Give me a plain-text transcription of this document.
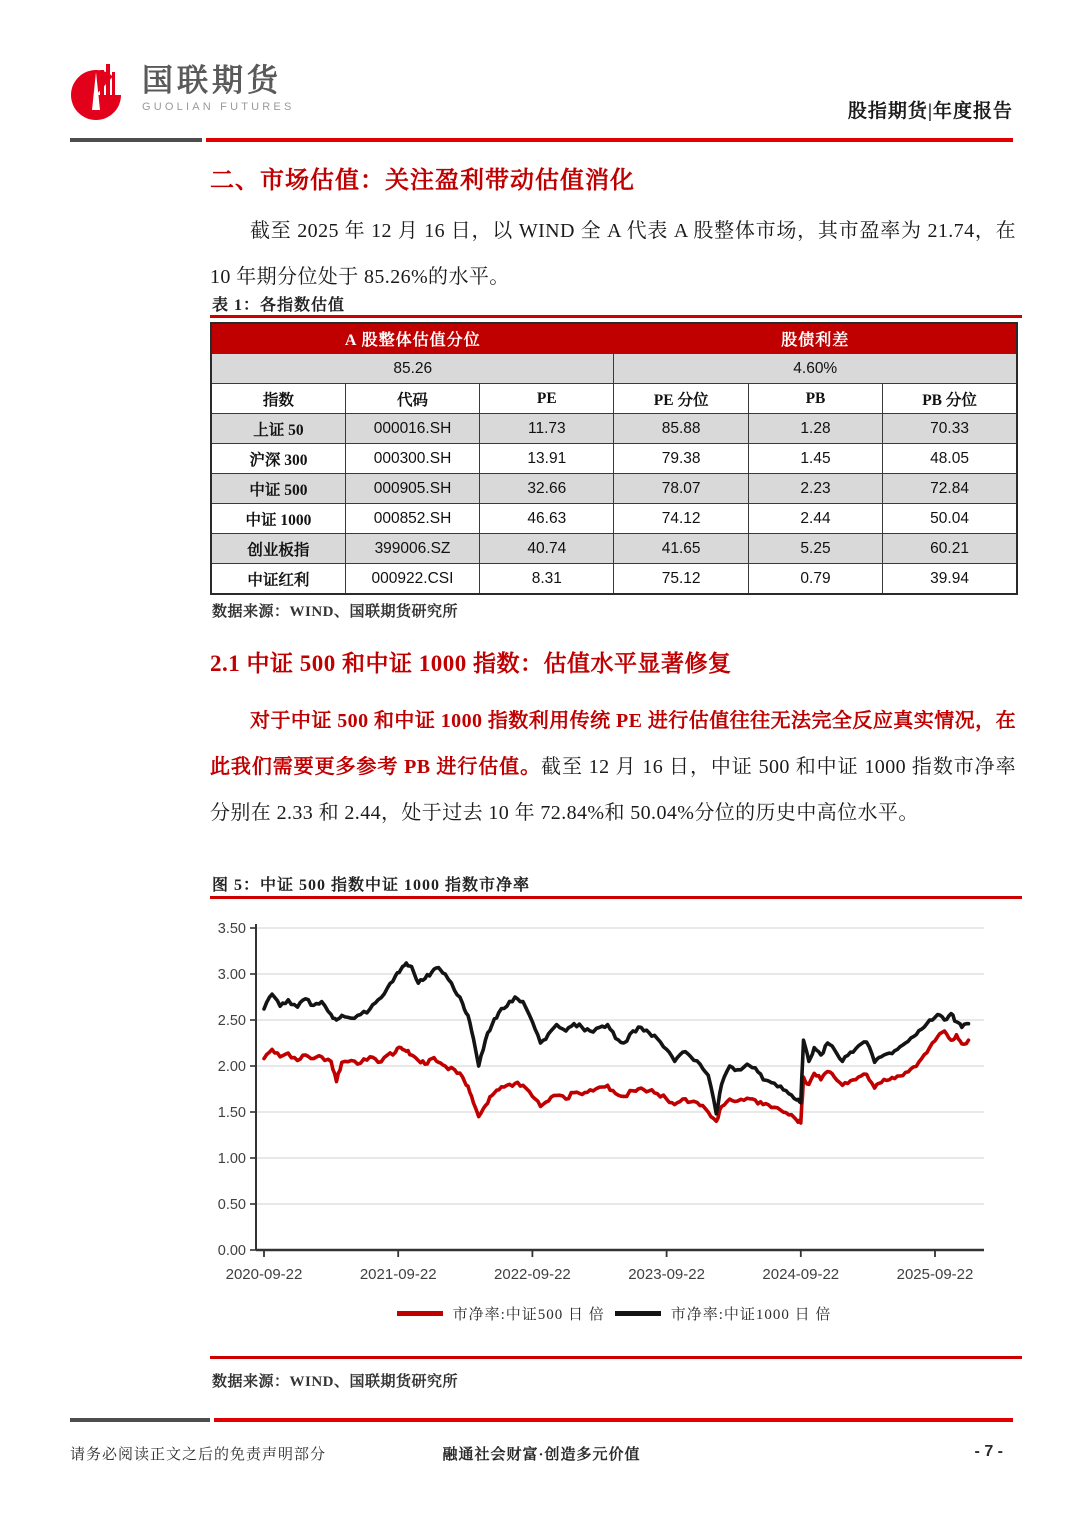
国联期货
GUOLIAN FUTURES	股指期货|年度报告
二、市场估值：关注盈利带动估值消化
截至 2025 年 12 月 16 日，以 WIND 全 A 代表 A 股整体市场，其市盈率为 21.74，在 10 年期分位处于 85.26%的水平。
表 1：各指数估值
A 股整体估值分位			股债利差		
85.26			4.60%		
指数	代码	PE	PE 分位	PB	PB 分位
上证 50	000016.SH	11.73	85.88	1.28	70.33
沪深 300	000300.SH	13.91	79.38	1.45	48.05
中证 500	000905.SH	32.66	78.07	2.23	72.84
中证 1000	000852.SH	46.63	74.12	2.44	50.04
创业板指	399006.SZ	40.74	41.65	5.25	60.21
中证红利	000922.CSI	8.31	75.12	0.79	39.94
数据来源：WIND、国联期货研究所
2.1 中证 500 和中证 1000 指数：估值水平显著修复
对于中证 500 和中证 1000 指数利用传统 PE 进行估值往往无法完全反应真实情况，在此我们需要更多参考 PB 进行估值。截至 12 月 16 日，中证 500 和中证 1000 指数市净率分别在 2.33 和 2.44，处于过去 10 年 72.84%和 50.04%分位的历史中高位水平。
图 5：中证 500 指数中证 1000 指数市净率
0.00
0.50
1.00
1.50
2.00
2.50
3.00
3.50
2020-09-22	2021-09-22	2022-09-22	2023-09-22	2024-09-22	2025-09-22
市净率:中证500 日 倍	市净率:中证1000 日 倍
数据来源：WIND、国联期货研究所
请务必阅读正文之后的免责声明部分	融通社会财富·创造多元价值	- 7 -
